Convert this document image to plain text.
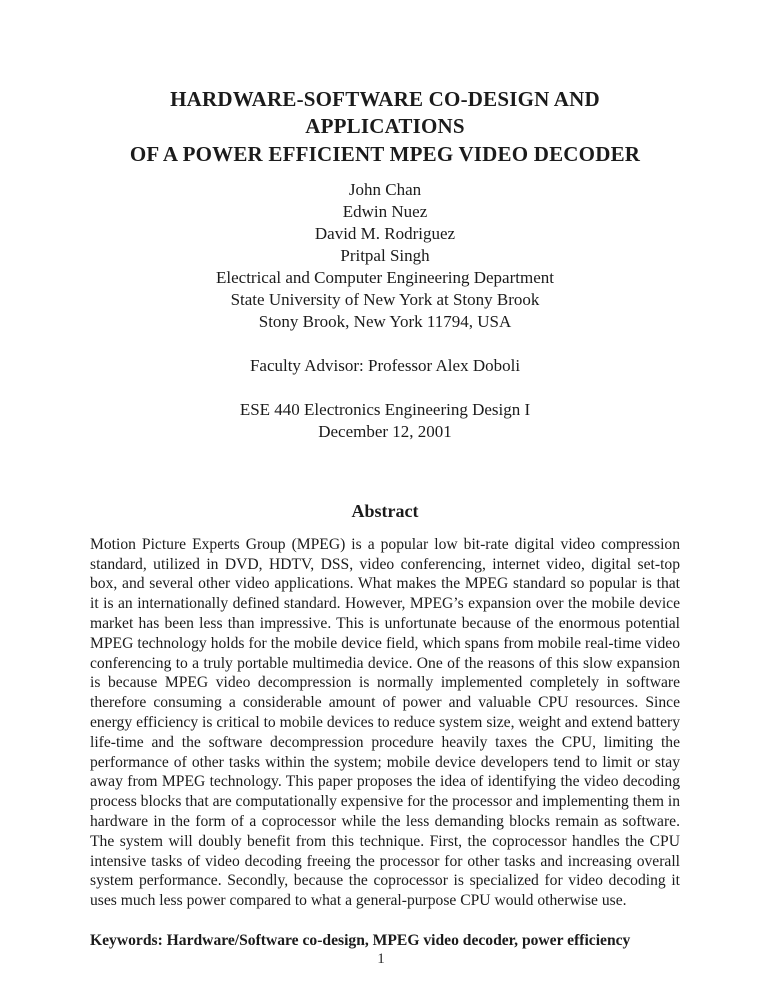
HARDWARE-SOFTWARE CO-DESIGN AND APPLICATIONS
OF A POWER EFFICIENT MPEG VIDEO DECODER
John Chan
Edwin Nuez
David M. Rodriguez
Pritpal Singh
Electrical and Computer Engineering Department
State University of New York at Stony Brook
Stony Brook, New York 11794, USA
Faculty Advisor: Professor Alex Doboli
ESE 440 Electronics Engineering Design I
December 12, 2001
Abstract

Motion Picture Experts Group (MPEG) is a popular low bit-rate digital video compression standard, utilized in DVD, HDTV, DSS, video conferencing, internet video, digital set-top box, and several other video applications. What makes the MPEG standard so popular is that it is an internationally defined standard. However, MPEG’s expansion over the mobile device market has been less than impressive. This is unfortunate because of the enormous potential MPEG technology holds for the mobile device field, which spans from mobile real-time video conferencing to a truly portable multimedia device. One of the reasons of this slow expansion is because MPEG video decompression is normally implemented completely in software therefore consuming a considerable amount of power and valuable CPU resources. Since energy efficiency is critical to mobile devices to reduce system size, weight and extend battery life-time and the software decompression procedure heavily taxes the CPU, limiting the performance of other tasks within the system; mobile device developers tend to limit or stay away from MPEG technology. This paper proposes the idea of identifying the video decoding process blocks that are computationally expensive for the processor and implementing them in hardware in the form of a coprocessor while the less demanding blocks remain as software. The system will doubly benefit from this technique. First, the coprocessor handles the CPU intensive tasks of video decoding freeing the processor for other tasks and increasing overall system performance. Secondly, because the coprocessor is specialized for video decoding it uses much less power compared to what a general-purpose CPU would otherwise use.

Keywords: Hardware/Software co-design, MPEG video decoder, power efficiency

1
